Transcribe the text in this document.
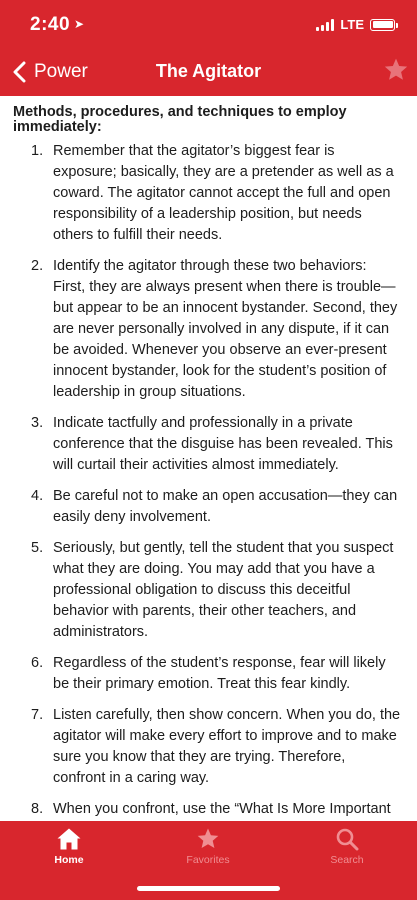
2:40 ➤	LTE
Power	The Agitator
Methods, procedures, and techniques to employ immediately:
1. Remember that the agitator’s biggest fear is exposure; basically, they are a pretender as well as a coward. The agitator cannot accept the full and open responsibility of a leadership position, but needs others to fulfill their needs.
2. Identify the agitator through these two behaviors: First, they are always present when there is trouble— but appear to be an innocent bystander. Second, they are never personally involved in any dispute, if it can be avoided. Whenever you observe an ever-present innocent bystander, look for the student’s position of leadership in group situations.
3. Indicate tactfully and professionally in a private conference that the disguise has been revealed. This will curtail their activities almost immediately.
4. Be careful not to make an open accusation—they can easily deny involvement.
5. Seriously, but gently, tell the student that you suspect what they are doing. You may add that you have a professional obligation to discuss this deceitful behavior with parents, their other teachers, and administrators.
6. Regardless of the student’s response, fear will likely be their primary emotion. Treat this fear kindly.
7. Listen carefully, then show concern. When you do, the agitator will make every effort to improve and to make sure you know that they are trying. Therefore, confront in a caring way.
8. When you confront, use the “What Is More Important
Home	Favorites	Search
